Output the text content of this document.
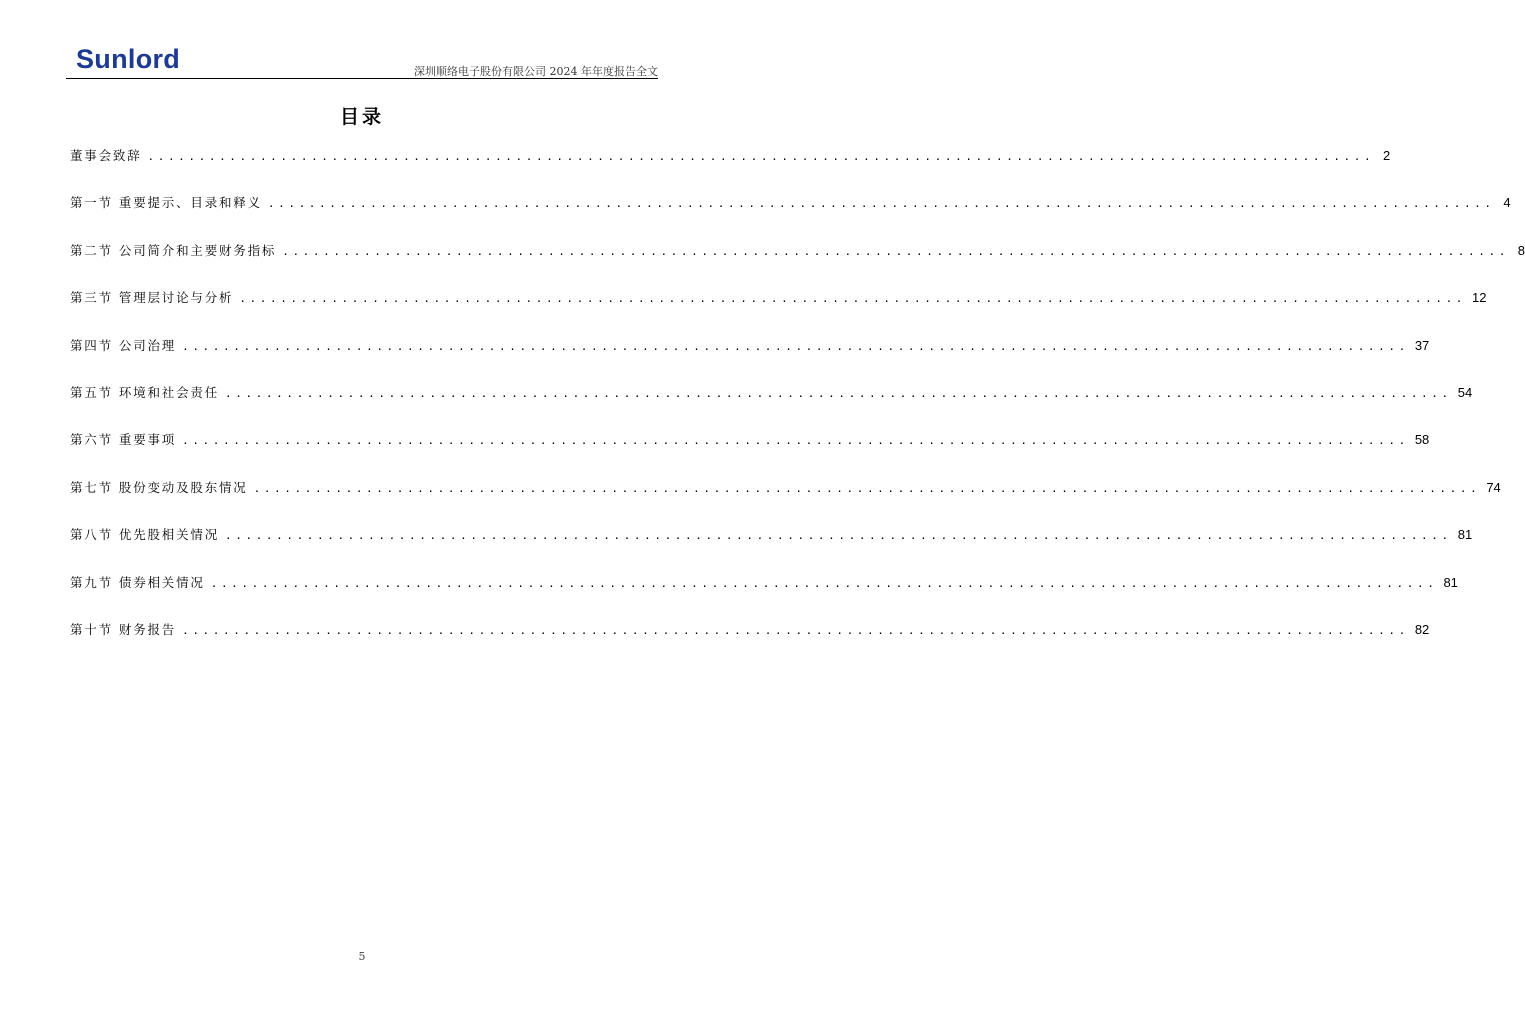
Sunlord	深圳顺络电子股份有限公司 2024 年年度报告全文
目录
董事会致辞 ........................................................................................................................ 2
第一节 重要提示、目录和释义 ........................................................................................................................ 4
第二节 公司简介和主要财务指标 ........................................................................................................................ 8
第三节 管理层讨论与分析 ........................................................................................................................ 12
第四节 公司治理 ........................................................................................................................ 37
第五节 环境和社会责任 ........................................................................................................................ 54
第六节 重要事项 ........................................................................................................................ 58
第七节 股份变动及股东情况 ........................................................................................................................ 74
第八节 优先股相关情况 ........................................................................................................................ 81
第九节 债券相关情况 ........................................................................................................................ 81
第十节 财务报告 ........................................................................................................................ 82
5
